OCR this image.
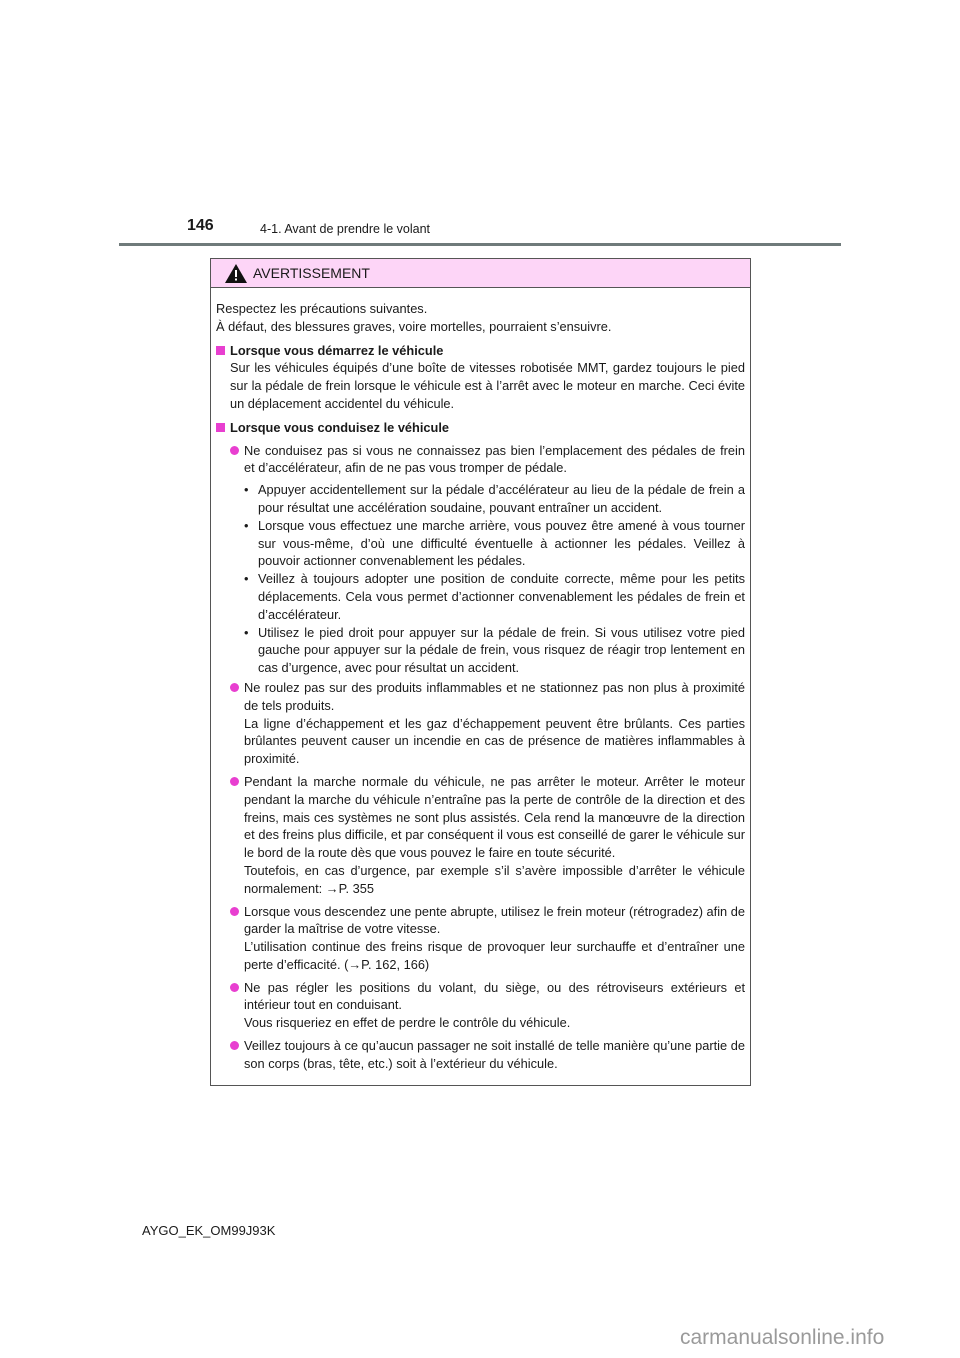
146	4-1. Avant de prendre le volant
AVERTISSEMENT

Respectez les précautions suivantes.

À défaut, des blessures graves, voire mortelles, pourraient s’ensuivre.

Lorsque vous démarrez le véhicule

Sur les véhicules équipés d’une boîte de vitesses robotisée MMT, gardez toujours le pied sur la pédale de frein lorsque le véhicule est à l’arrêt avec le moteur en marche. Ceci évite un déplacement accidentel du véhicule.

Lorsque vous conduisez le véhicule
Ne conduisez pas si vous ne connaissez pas bien l’emplacement des pédales de frein et d’accélérateur, afin de ne pas vous tromper de pédale.
• Appuyer accidentellement sur la pédale d’accélérateur au lieu de la pédale de frein a pour résultat une accélération soudaine, pouvant entraîner un accident.
• Lorsque vous effectuez une marche arrière, vous pouvez être amené à vous tourner sur vous-même, d’où une difficulté éventuelle à actionner les pédales. Veillez à pouvoir actionner convenablement les pédales.
• Veillez à toujours adopter une position de conduite correcte, même pour les petits déplacements. Cela vous permet d’actionner convenablement les pédales de frein et d’accélérateur.
• Utilisez le pied droit pour appuyer sur la pédale de frein. Si vous utilisez votre pied gauche pour appuyer sur la pédale de frein, vous risquez de réagir trop lentement en cas d’urgence, avec pour résultat un accident.
Ne roulez pas sur des produits inflammables et ne stationnez pas non plus à proximité de tels produits.
La ligne d’échappement et les gaz d’échappement peuvent être brûlants. Ces parties brûlantes peuvent causer un incendie en cas de présence de matières inflammables à proximité.
Pendant la marche normale du véhicule, ne pas arrêter le moteur. Arrêter le moteur pendant la marche du véhicule n’entraîne pas la perte de contrôle de la direction et des freins, mais ces systèmes ne sont plus assistés. Cela rend la manœuvre de la direction et des freins plus difficile, et par conséquent il vous est conseillé de garer le véhicule sur le bord de la route dès que vous pouvez le faire en toute sécurité.
Toutefois, en cas d’urgence, par exemple s’il s’avère impossible d’arrêter le véhicule normalement: →P. 355
Lorsque vous descendez une pente abrupte, utilisez le frein moteur (rétrogradez) afin de garder la maîtrise de votre vitesse.
L’utilisation continue des freins risque de provoquer leur surchauffe et d’entraîner une perte d’efficacité. (→P. 162, 166)
Ne pas régler les positions du volant, du siège, ou des rétroviseurs extérieurs et intérieur tout en conduisant.
Vous risqueriez en effet de perdre le contrôle du véhicule.
Veillez toujours à ce qu’aucun passager ne soit installé de telle manière qu’une partie de son corps (bras, tête, etc.) soit à l’extérieur du véhicule.
AYGO_EK_OM99J93K
carmanualsonline.info
